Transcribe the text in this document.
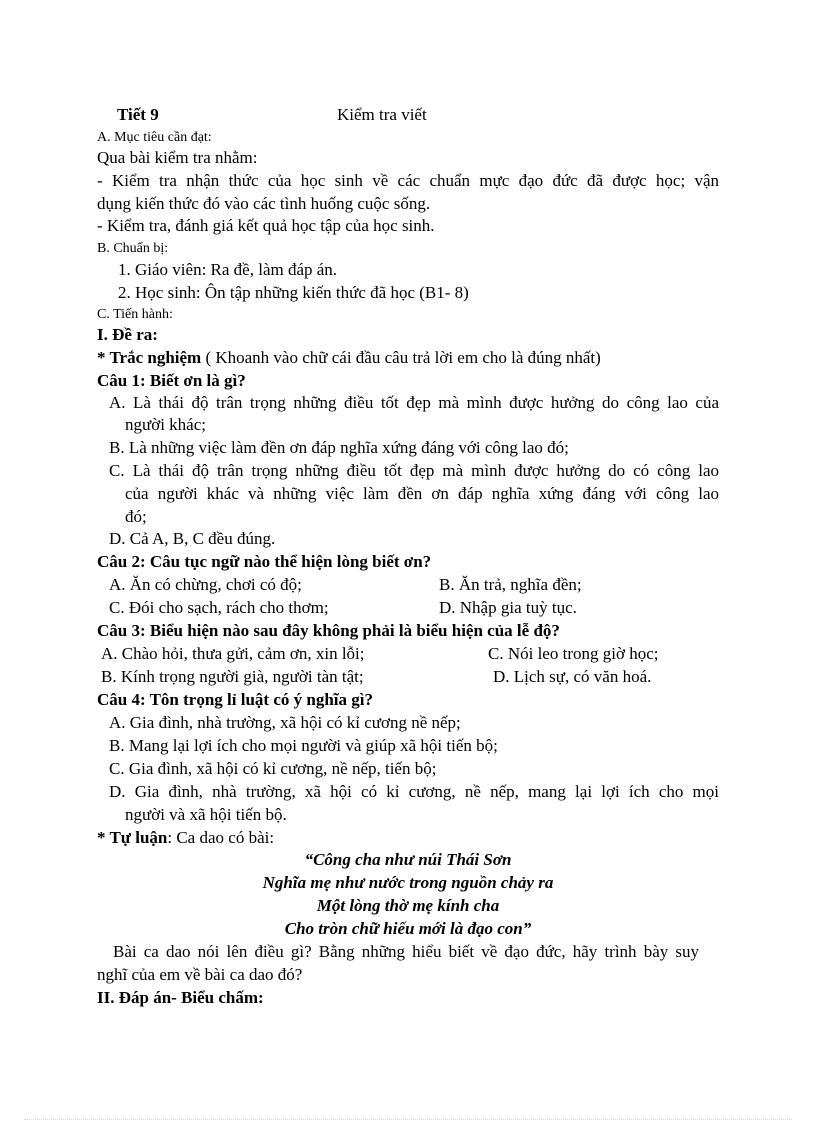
Tiết 9	Kiểm tra viết
A. Mục tiêu cần đạt:
Qua bài kiểm tra nhằm:
- Kiểm tra nhận thức của học sinh về các chuẩn mực đạo đức đã được học; vận
dụng kiến thức đó vào các tình huống cuộc sống.
- Kiểm tra, đánh giá kết quả học tập của học sinh.
B. Chuẩn bị:
1. Giáo viên: Ra đề, làm đáp án.
2. Học sinh: Ôn tập những kiến thức đã học (B1- 8)
C. Tiến hành:
I. Đề ra:
* Trắc nghiệm ( Khoanh vào chữ cái đầu câu trả lời em cho là đúng nhất)
Câu 1: Biết ơn là gì?
A. Là thái độ trân trọng những điều tốt đẹp mà mình được hưởng do công lao của
người khác;
B. Là những việc làm đền ơn đáp nghĩa xứng đáng với công lao đó;
C. Là thái độ trân trọng những điều tốt đẹp mà mình được hưởng do có công lao
của người khác và những việc làm đền ơn đáp nghĩa xứng đáng với công lao
đó;
D. Cả A, B, C đều đúng.
Câu 2: Câu tục ngữ nào thể hiện lòng biết ơn?
A. Ăn có chừng, chơi có độ;	B. Ăn trả, nghĩa đền;
C. Đói cho sạch, rách cho thơm;	D. Nhập gia tuỳ tục.
Câu 3: Biểu hiện nào sau đây không phải là biểu hiện của lễ độ?
A. Chào hỏi, thưa gửi, cảm ơn, xin lỗi;	C. Nói leo trong giờ học;
B. Kính trọng người già, người tàn tật;	D. Lịch sự, có văn hoá.
Câu 4: Tôn trọng lỉ luật có ý nghĩa gì?
A. Gia đình, nhà trường, xã hội có kỉ cương nề nếp;
B. Mang lại lợi ích cho mọi người và giúp xã hội tiến bộ;
C. Gia đình, xã hội có kỉ cương, nề nếp, tiến bộ;
D. Gia đình, nhà trường, xã hội có kỉ cương, nề nếp, mang lại lợi ích cho mọi
người và xã hội tiến bộ.
* Tự luận: Ca dao có bài:
“Công cha như núi Thái Sơn
Nghĩa mẹ như nước trong nguồn chảy ra
Một lòng thờ mẹ kính cha
Cho tròn chữ hiếu mới là đạo con”
Bài ca dao nói lên điều gì? Bằng những hiểu biết về đạo đức, hãy trình bày suy
nghĩ của em về bài ca dao đó?
II. Đáp án- Biểu chấm:
